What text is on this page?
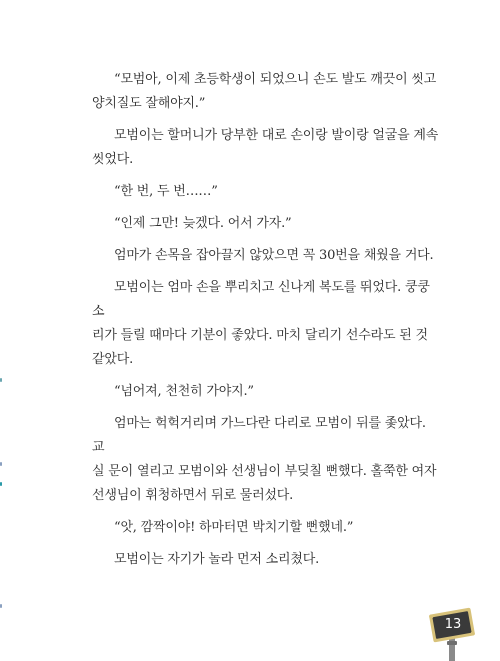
“모범아, 이제 초등학생이 되었으니 손도 발도 깨끗이 씻고
양치질도 잘해야지.”

모범이는 할머니가 당부한 대로 손이랑 발이랑 얼굴을 계속
씻었다.

“한 번, 두 번……”

“인제 그만! 늦겠다. 어서 가자.”

엄마가 손목을 잡아끌지 않았으면 꼭 30번을 채웠을 거다.

모범이는 엄마 손을 뿌리치고 신나게 복도를 뛰었다. 쿵쿵 소
리가 들릴 때마다 기분이 좋았다. 마치 달리기 선수라도 된 것
같았다.

“넘어져, 천천히 가야지.”

엄마는 헉헉거리며 가느다란 다리로 모범이 뒤를 좇았다. 교
실 문이 열리고 모범이와 선생님이 부딪칠 뻔했다. 홀쭉한 여자
선생님이 휘청하면서 뒤로 물러섰다.

“앗, 깜짝이야! 하마터면 박치기할 뻔했네.”

모범이는 자기가 놀라 먼저 소리쳤다.

13
